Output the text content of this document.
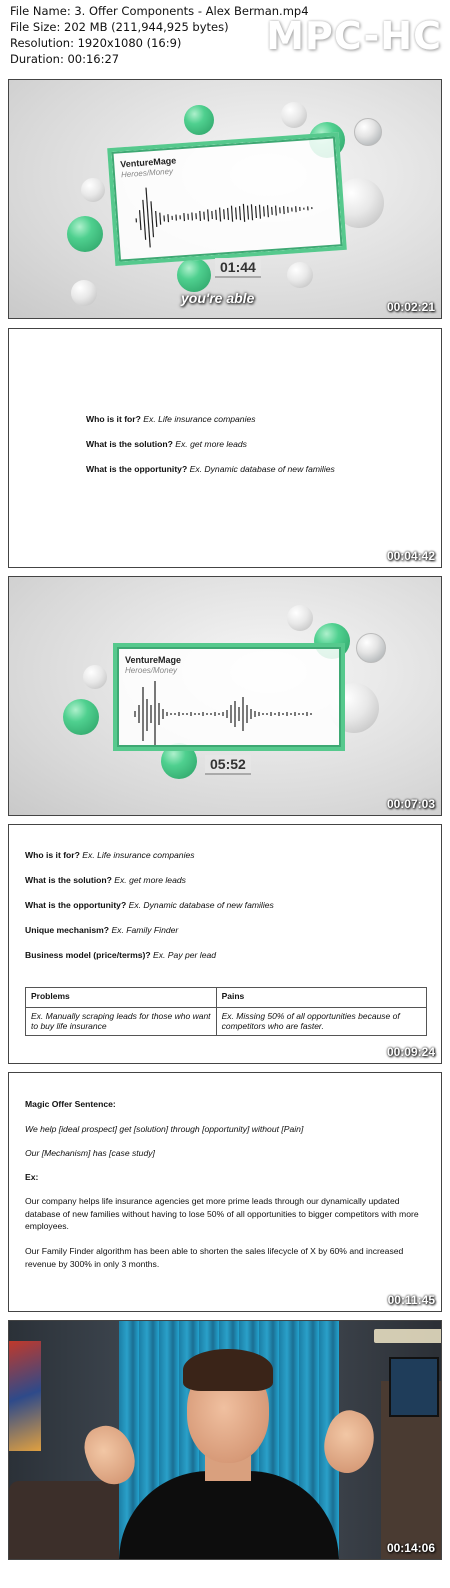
File Name: 3. Offer Components - Alex Berman.mp4
File Size: 202 MB (211,944,925 bytes)
Resolution: 1920x1080 (16:9)
Duration: 00:16:27
MPC-HC
VentureMage
Heroes/Money
01:44
you're able
00:02:21
Who is it for? Ex. Life insurance companies
What is the solution? Ex. get more leads
What is the opportunity? Ex. Dynamic database of new families
00:04:42
VentureMage
Heroes/Money
05:52
00:07:03
Who is it for? Ex. Life insurance companies
What is the solution? Ex. get more leads
What is the opportunity? Ex. Dynamic database of new families
Unique mechanism? Ex. Family Finder
Business model (price/terms)? Ex. Pay per lead
Problems	Pains
Ex. Manually scraping leads for those who want to buy life insurance	Ex. Missing 50% of all opportunities because of competitors who are faster.
00:09:24
Magic Offer Sentence:
We help [ideal prospect] get [solution] through [opportunity] without [Pain]
Our [Mechanism] has [case study]
Ex:
Our company helps life insurance agencies get more prime leads through our dynamically updated database of new families without having to lose 50% of all opportunities to bigger competitors with more employees.
Our Family Finder algorithm has been able to shorten the sales lifecycle of X by 60% and increased revenue by 300% in only 3 months.
00:11:45
00:14:06
